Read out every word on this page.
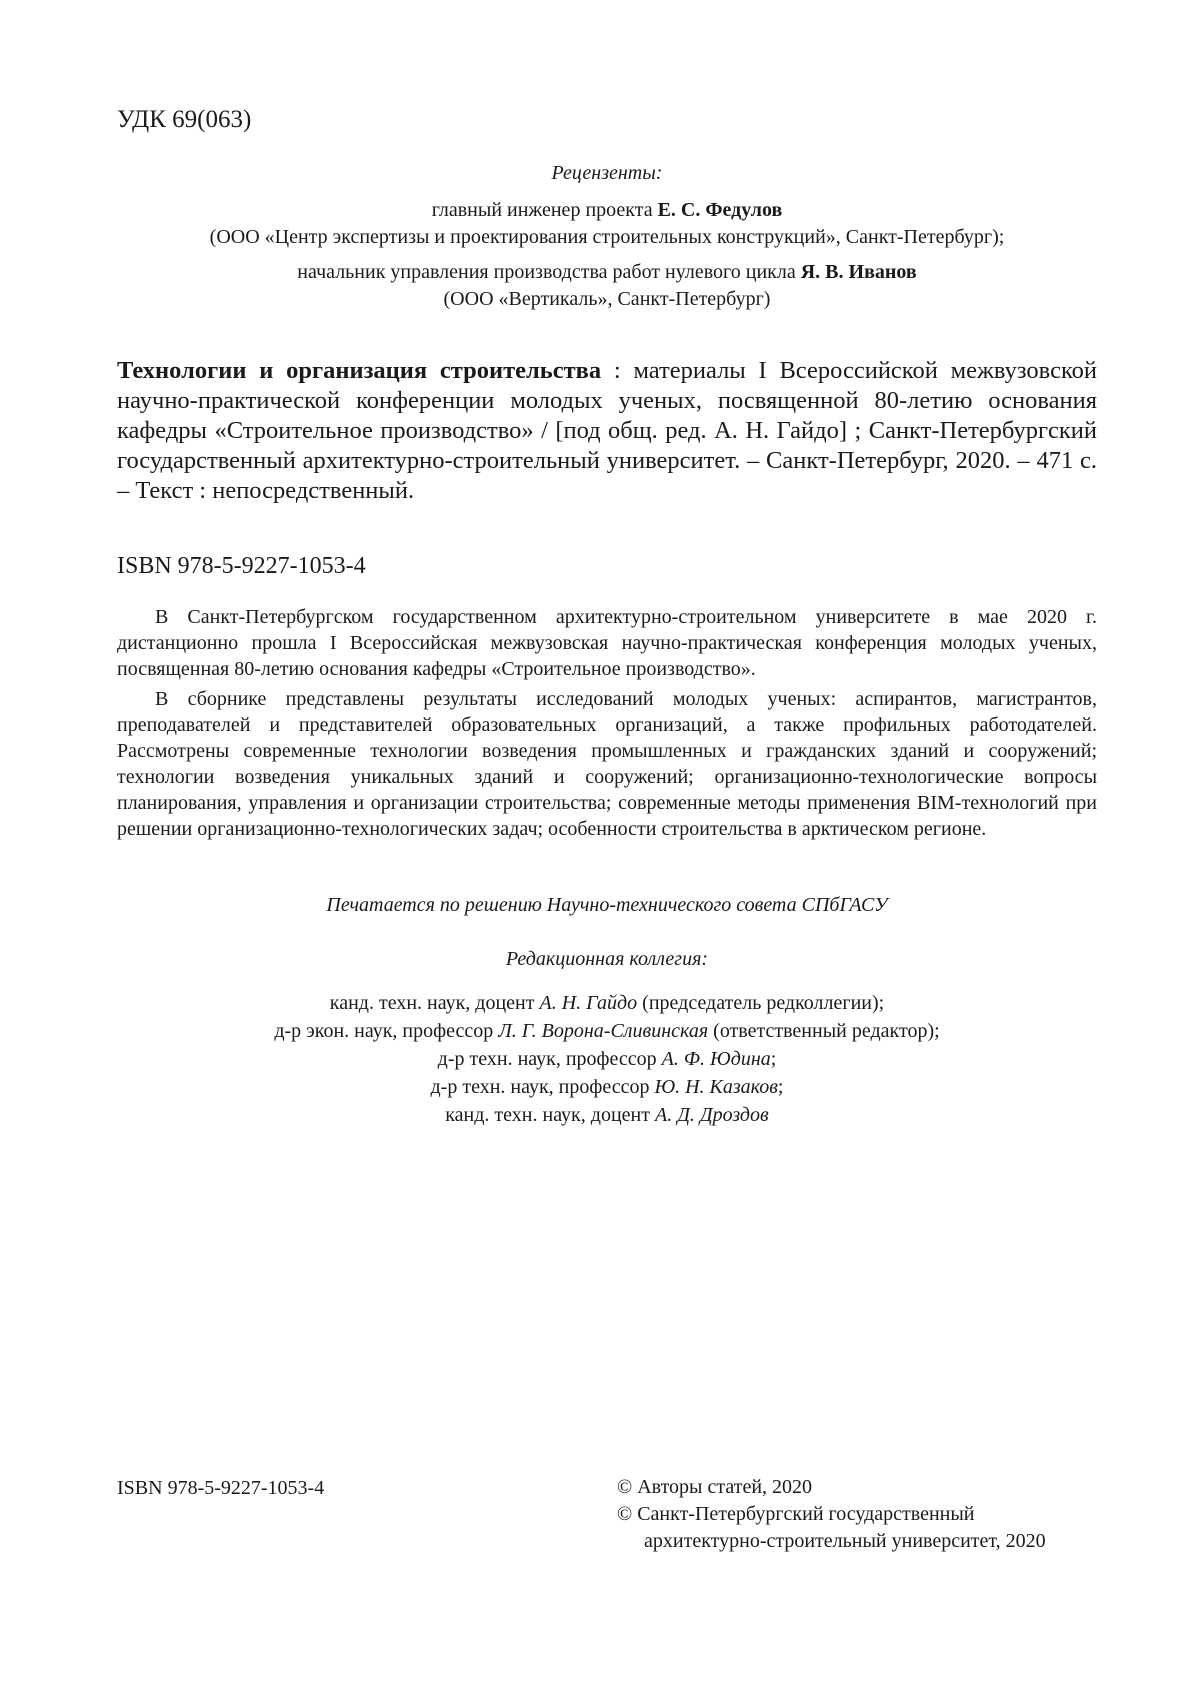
УДК 69(063)
Рецензенты:
главный инженер проекта Е. С. Федулов
(ООО «Центр экспертизы и проектирования строительных конструкций», Санкт-Петербург);
начальник управления производства работ нулевого цикла Я. В. Иванов
(ООО «Вертикаль», Санкт-Петербург)
Технологии и организация строительства : материалы I Всероссийской межвузовской научно-практической конференции молодых ученых, посвященной 80-летию основания кафедры «Строительное производство» / [под общ. ред. А. Н. Гайдо] ; Санкт-Петербургский государственный архитектурно-строительный университет. – Санкт-Петербург, 2020. – 471 с. – Текст : непосредственный.
ISBN 978-5-9227-1053-4

В Санкт-Петербургском государственном архитектурно-строительном университете в мае 2020 г. дистанционно прошла I Всероссийская межвузовская научно-практическая конференция молодых ученых, посвященная 80-летию основания кафедры «Строительное производство».

В сборнике представлены результаты исследований молодых ученых: аспирантов, магистрантов, преподавателей и представителей образовательных организаций, а также профильных работодателей. Рассмотрены современные технологии возведения промышленных и гражданских зданий и сооружений; технологии возведения уникальных зданий и сооружений; организационно-технологические вопросы планирования, управления и организации строительства; современные методы применения BIM-технологий при решении организационно-технологических задач; особенности строительства в арктическом регионе.

Печатается по решению Научно-технического совета СПбГАСУ
Редакционная коллегия:
канд. техн. наук, доцент А. Н. Гайдо (председатель редколлегии);
д-р экон. наук, профессор Л. Г. Ворона-Сливинская (ответственный редактор);
д-р техн. наук, профессор А. Ф. Юдина;
д-р техн. наук, профессор Ю. Н. Казаков;
канд. техн. наук, доцент А. Д. Дроздов
ISBN 978-5-9227-1053-4	© Авторы статей, 2020
© Санкт-Петербургский государственный
архитектурно-строительный университет, 2020
